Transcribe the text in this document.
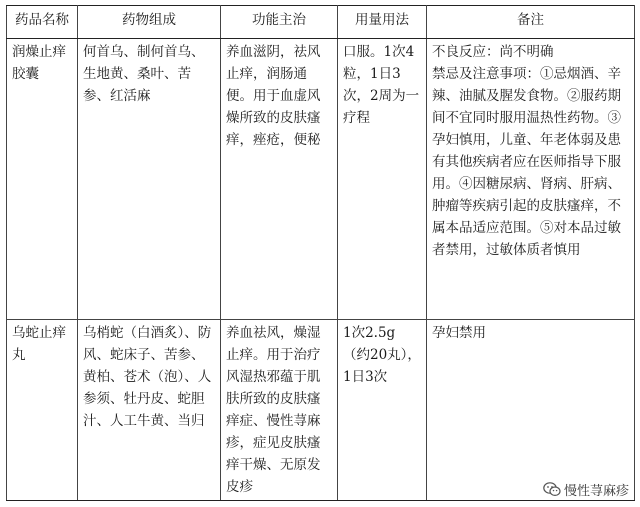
药品名称	药物组成	功能主治	用量用法	备注
润燥止痒胶囊	何首乌、制何首乌、生地黄、桑叶、苦参、红活麻	养血滋阴，祛风止痒，润肠通便。用于血虚风燥所致的皮肤瘙痒，痤疮，便秘	口服。1次4粒，1日3次，2周为一疗程	不良反应：尚不明确
禁忌及注意事项：①忌烟酒、辛辣、油腻及腥发食物。②服药期间不宜同时服用温热性药物。③孕妇慎用，儿童、年老体弱及患有其他疾病者应在医师指导下服用。④因糖尿病、肾病、肝病、肿瘤等疾病引起的皮肤瘙痒，不属本品适应范围。⑤对本品过敏者禁用，过敏体质者慎用
乌蛇止痒丸	乌梢蛇（白酒炙）、防风、蛇床子、苦参、黄柏、苍术（泡）、人参须、牡丹皮、蛇胆汁、人工牛黄、当归	养血祛风，燥湿止痒。用于治疗风湿热邪蕴于肌肤所致的皮肤瘙痒症、慢性荨麻疹，症见皮肤瘙痒干燥、无原发皮疹	1次2.5g（约20丸），1日3次	孕妇禁用
慢性荨麻疹
